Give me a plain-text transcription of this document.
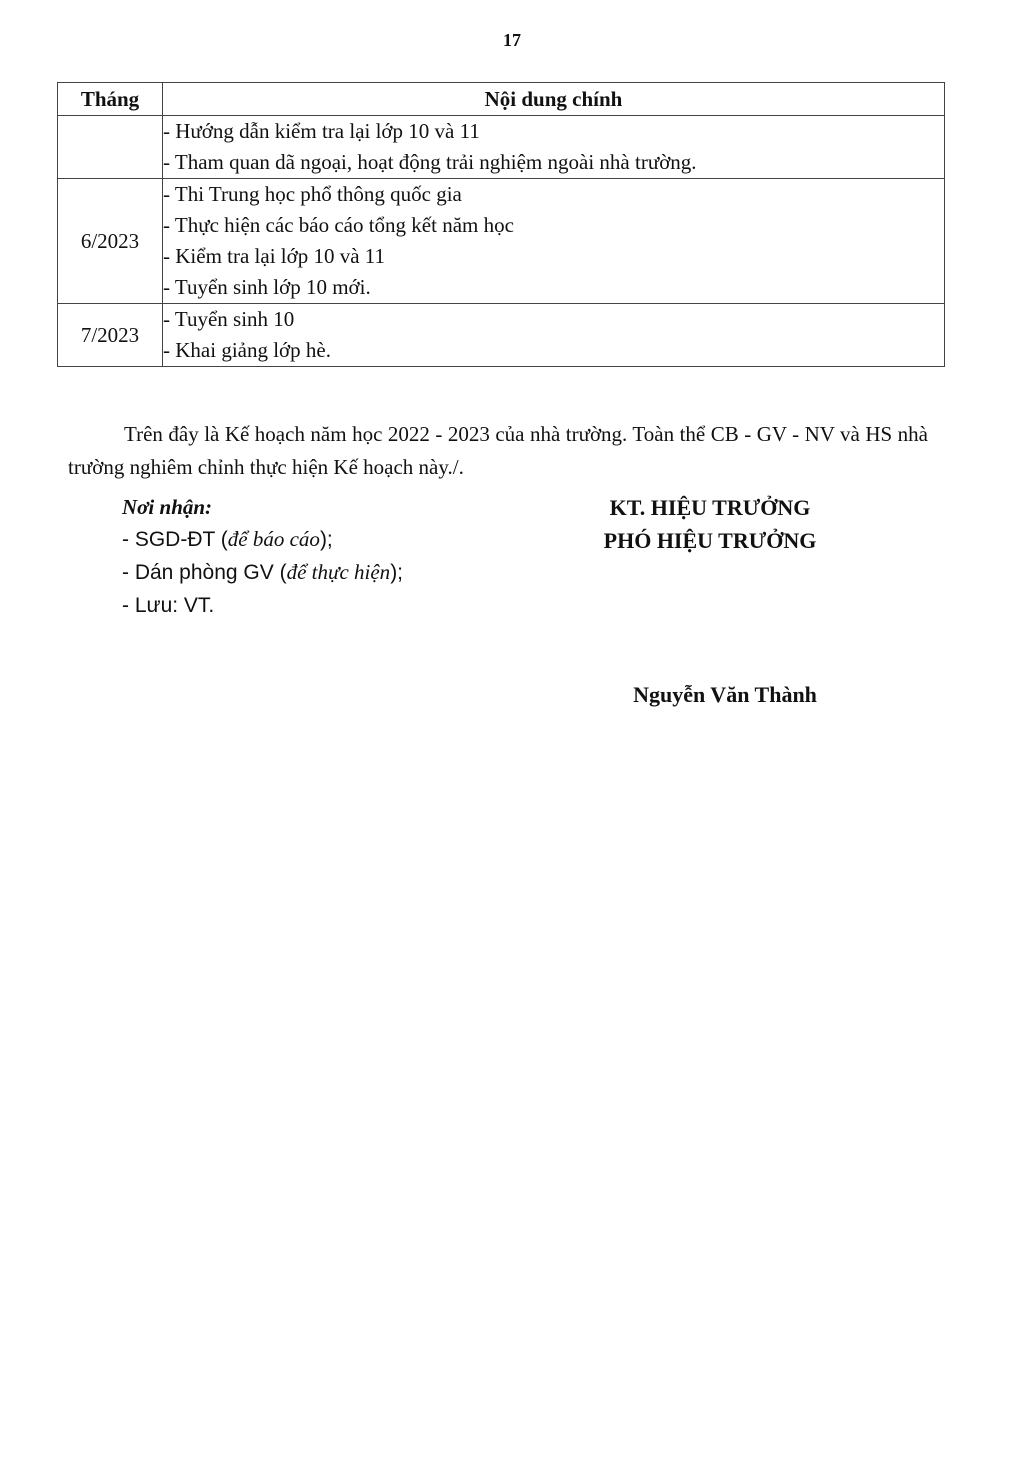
17
Tháng	Nội dung chính

	- Hướng dẫn kiểm tra lại lớp 10 và 11
- Tham quan dã ngoại, hoạt động trải nghiệm ngoài nhà trường.

6/2023	- Thi Trung học phổ thông quốc gia
- Thực hiện các báo cáo tổng kết năm học
- Kiểm tra lại lớp 10 và 11
- Tuyển sinh lớp 10 mới.

7/2023	- Tuyển sinh 10
- Khai giảng lớp hè.

Trên đây là Kế hoạch năm học 2022 - 2023 của nhà trường. Toàn thể CB - GV - NV và HS nhà trường nghiêm chỉnh thực hiện Kế hoạch này./.

Nơi nhận:
- SGD-ĐT (để báo cáo);
- Dán phòng GV (để thực hiện);
- Lưu: VT.
KT. HIỆU TRƯỞNG
PHÓ HIỆU TRƯỞNG
Nguyễn Văn Thành
